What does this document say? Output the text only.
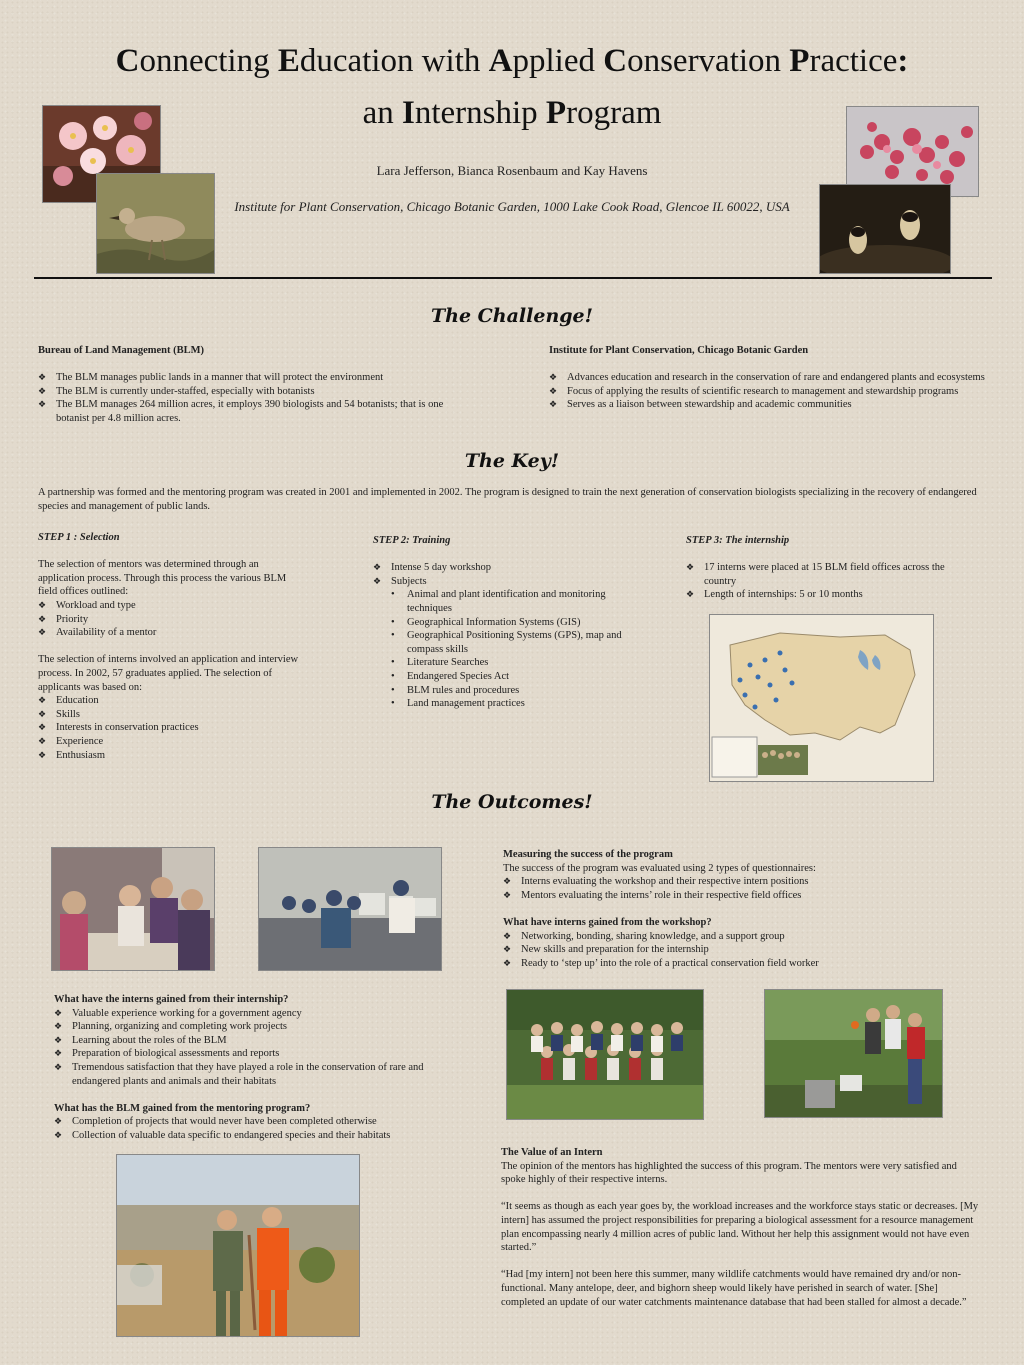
Connecting Education with Applied Conservation Practice:
an Internship Program
Lara Jefferson, Bianca Rosenbaum and Kay Havens
Institute for Plant Conservation, Chicago Botanic Garden, 1000 Lake Cook Road, Glencoe IL 60022, USA
The Challenge!
Bureau of Land Management (BLM)
❖ The BLM manages public lands in a manner that will protect the environment
❖ The BLM is currently under-staffed, especially with botanists
❖ The BLM manages 264 million acres, it employs 390 biologists and 54 botanists; that is one botanist per 4.8 million acres.
Institute for Plant Conservation, Chicago Botanic Garden
❖ Advances education and research in the conservation of rare and endangered plants and ecosystems
❖ Focus of applying the results of scientific research to management and stewardship programs
❖ Serves as a liaison between stewardship and academic communities
The Key!
A partnership was formed and the mentoring program was created in 2001 and implemented in 2002. The program is designed to train the next generation of conservation biologists specializing in the recovery of endangered species and management of public lands.
STEP 1 : Selection

The selection of mentors was determined through an application process. Through this process the various BLM field offices outlined:

❖ Workload and type
❖ Priority
❖ Availability of a mentor

The selection of interns involved an application and interview process. In 2002, 57 graduates applied. The selection of applicants was based on:

❖ Education
❖ Skills
❖ Interests in conservation practices
❖ Experience
❖ Enthusiasm
STEP 2: Training
❖ Intense 5 day workshop
❖ Subjects
• Animal and plant identification and monitoring techniques
• Geographical Information Systems (GIS)
• Geographical Positioning Systems (GPS), map and compass skills
• Literature Searches
• Endangered Species Act
• BLM rules and procedures
• Land management practices
STEP 3: The internship
❖ 17 interns were placed at 15 BLM field offices across the country
❖ Length of internships: 5 or 10 months
The Outcomes!
Measuring the success of the program

The success of the program was evaluated using 2 types of questionnaires:

❖ Interns evaluating the workshop and their respective intern positions
❖ Mentors evaluating the interns’ role in their respective field offices
What have interns gained from the workshop?
❖ Networking, bonding, sharing knowledge, and a support group
❖ New skills and preparation for the internship
❖ Ready to ‘step up’ into the role of a practical conservation field worker
What have the interns gained from their internship?
❖ Valuable experience working for a government agency
❖ Planning, organizing and completing work projects
❖ Learning about the roles of the BLM
❖ Preparation of biological assessments and reports
❖ Tremendous satisfaction that they have played a role in the conservation of rare and endangered plants and animals and their habitats
What has the BLM gained from the mentoring program?
❖ Completion of projects that would never have been completed otherwise
❖ Collection of valuable data specific to endangered species and their habitats
The Value of an Intern

The opinion of the mentors has highlighted the success of this program. The mentors were very satisfied and spoke highly of their respective interns.

“It seems as though as each year goes by, the workload increases and the workforce stays static or decreases. [My intern] has assumed the project responsibilities for preparing a biological assessment for a resource management plan encompassing nearly 4 million acres of public land. Without her help this assignment would not have even started.”

“Had [my intern] not been here this summer, many wildlife catchments would have remained dry and/or non-functional. Many antelope, deer, and bighorn sheep would likely have perished in search of water. [She] completed an update of our water catchments maintenance database that had been stalled for almost a decade.”
